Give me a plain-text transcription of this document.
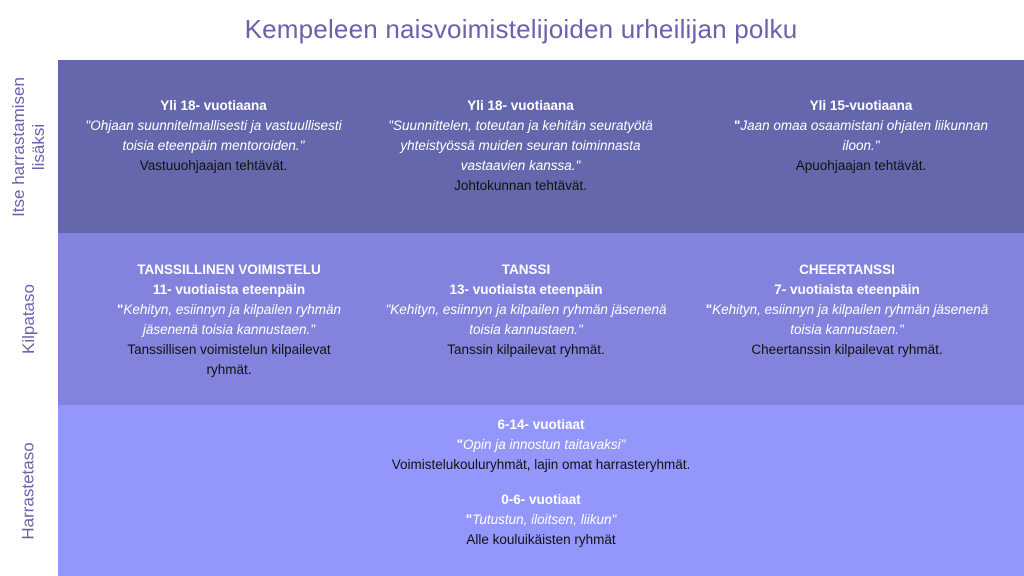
Kempeleen naisvoimistelijoiden urheilijan polku
Itse harrastamisen lisäksi
Kilpataso
Harrastetaso
Yli 18- vuotiaana
"Ohjaan suunnitelmallisesti ja vastuullisesti
toisia eteenpäin mentoroiden."
Vastuuohjaajan tehtävät.
Yli 18- vuotiaana
"Suunnittelen, toteutan ja kehitän seuratyötä
yhteistyössä muiden seuran toiminnasta
vastaavien kanssa."
Johtokunnan tehtävät.
Yli 15-vuotiaana
"Jaan omaa osaamistani ohjaten liikunnan
iloon."
Apuohjaajan tehtävät.
TANSSILLINEN VOIMISTELU
11- vuotiaista eteenpäin
"Kehityn, esiinnyn ja kilpailen ryhmän
jäsenenä toisia kannustaen."
Tanssillisen voimistelun kilpailevat
ryhmät.
TANSSI
13- vuotiaista eteenpäin
"Kehityn, esiinnyn ja kilpailen ryhmän jäsenenä
toisia kannustaen."
Tanssin kilpailevat ryhmät.
CHEERTANSSI
7- vuotiaista eteenpäin
"Kehityn, esiinnyn ja kilpailen ryhmän jäsenenä
toisia kannustaen."
Cheertanssin kilpailevat ryhmät.
6-14- vuotiaat
"Opin ja innostun taitavaksi"
Voimistelukouluryhmät, lajin omat harrasteryhmät.
0-6- vuotiaat
"Tutustun, iloitsen, liikun"
Alle kouluikäisten ryhmät
